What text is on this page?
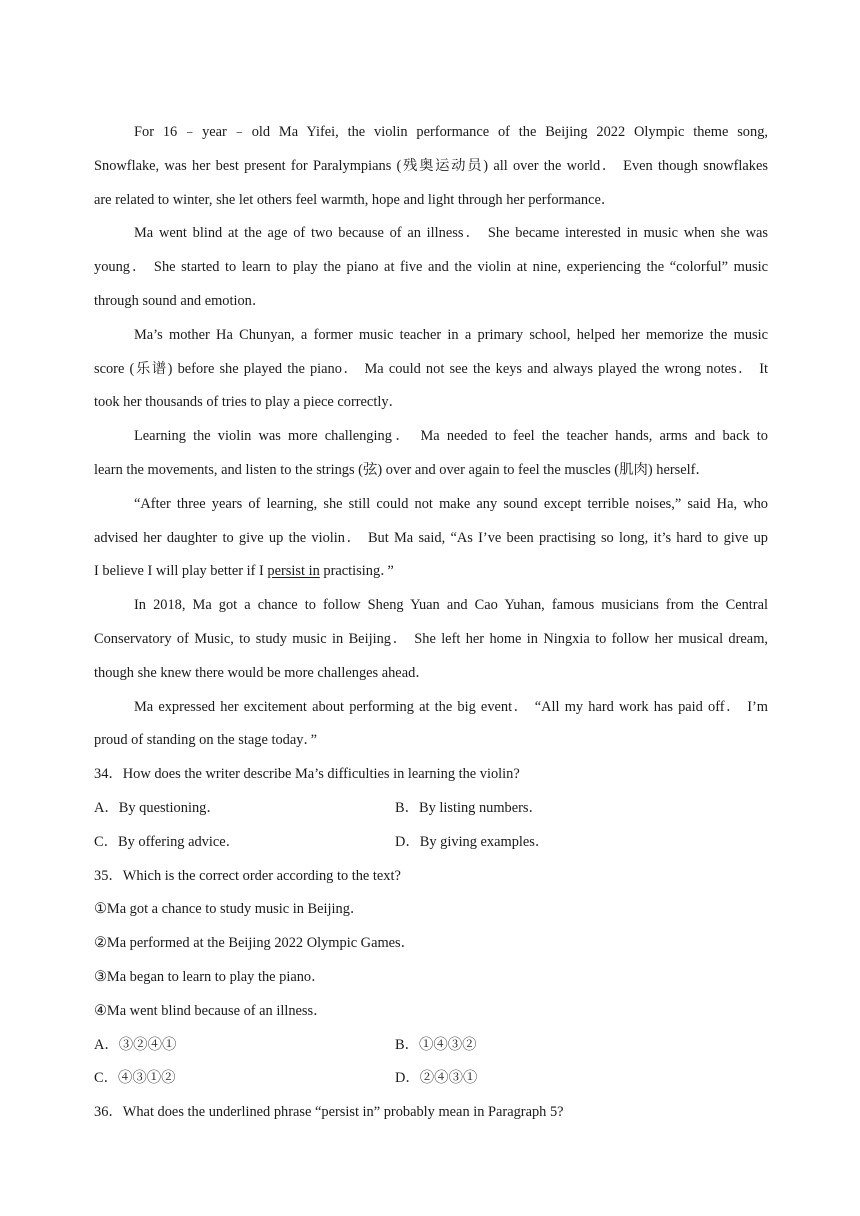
For 16﹣year﹣old Ma Yifei, the violin performance of the Beijing 2022 Olympic theme song,
Snowflake, was her best present for Paralympians (残奥运动员) all over the world． Even though snowflakes
are related to winter, she let others feel warmth, hope and light through her performance．
Ma went blind at the age of two because of an illness． She became interested in music when she was
young． She started to learn to play the piano at five and the violin at nine, experiencing the “colorful” music
through sound and emotion．
Ma’s mother Ha Chunyan, a former music teacher in a primary school, helped her memorize the music
score (乐谱) before she played the piano． Ma could not see the keys and always played the wrong notes． It
took her thousands of tries to play a piece correctly．
Learning the violin was more challenging． Ma needed to feel the teacher hands, arms and back to
learn the movements, and listen to the strings (弦) over and over again to feel the muscles (肌肉) herself．
“After three years of learning, she still could not make any sound except terrible noises,” said Ha, who
advised her daughter to give up the violin． But Ma said, “As I’ve been practising so long, it’s hard to give up
I believe I will play better if I persist in practising．”
In 2018, Ma got a chance to follow Sheng Yuan and Cao Yuhan, famous musicians from the Central
Conservatory of Music, to study music in Beijing． She left her home in Ningxia to follow her musical dream,
though she knew there would be more challenges ahead．
Ma expressed her excitement about performing at the big event． “All my hard work has paid off． I’m
proud of standing on the stage today．”
34．How does the writer describe Ma’s difficulties in learning the violin?
A．By questioning．	B．By listing numbers．
C．By offering advice．	D．By giving examples．
35．Which is the correct order according to the text?
①Ma got a chance to study music in Beijing．
②Ma performed at the Beijing 2022 Olympic Games．
③Ma began to learn to play the piano．
④Ma went blind because of an illness．
A．③②④①	B．①④③②
C．④③①②	D．②④③①
36．What does the underlined phrase “persist in” probably mean in Paragraph 5?
